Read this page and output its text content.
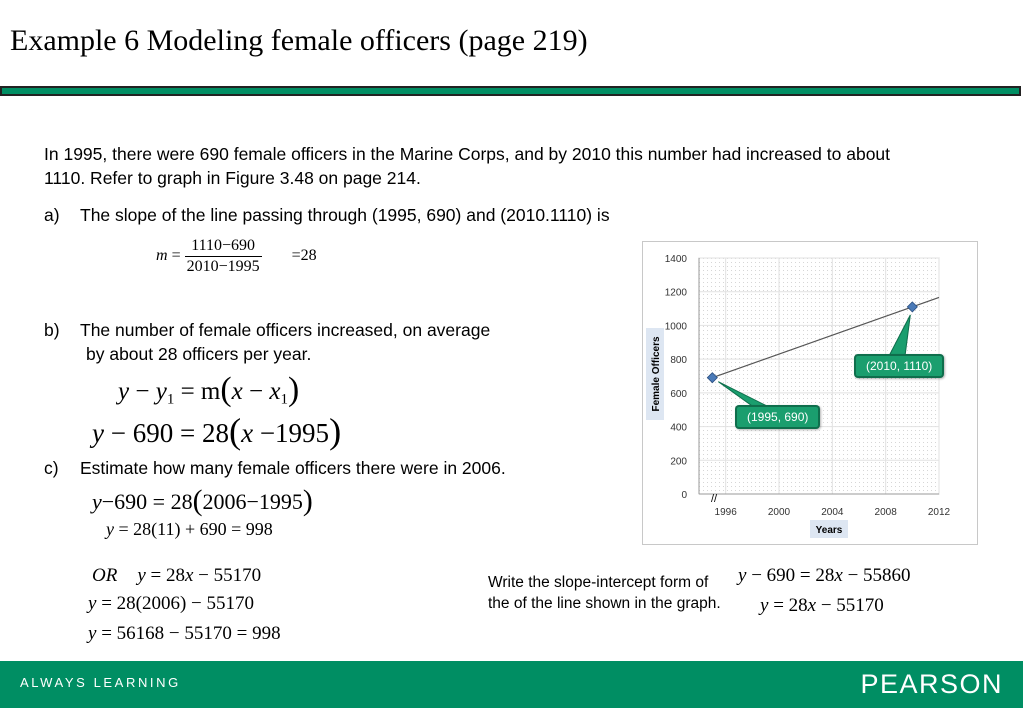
Example 6 Modeling female officers (page 219)

In 1995, there were 690 female officers in the Marine Corps, and by 2010 this number had increased to about 1110. Refer to graph in Figure 3.48 on page 214.

a) The slope of the line passing through (1995, 690) and (2010.1110) is
$m = \frac{1110-690}{2010-1995} =28$
b) The number of female officers increased, on average
by about 28 officers per year.
$y - y_1 = m(x - x_1)$
y − 690 = 28(x −1995)
c) Estimate how many female officers there were in 2006.
y−690 = 28(2006−1995)
y = 28(11) + 690 = 998
OR y = 28x − 55170
y = 28(2006) − 55170
y = 56168 − 55170 = 998
Write the slope-intercept form of the of the line shown in the graph.
y − 690 = 28x − 55860
y = 28x − 55170
0
200
400
600
800
1000
1200
1400
1996	2000	2004	2008	2012
//
Female Officers
Years
(2010, 1110)
(1995, 690)
ALWAYS LEARNING	PEARSON
